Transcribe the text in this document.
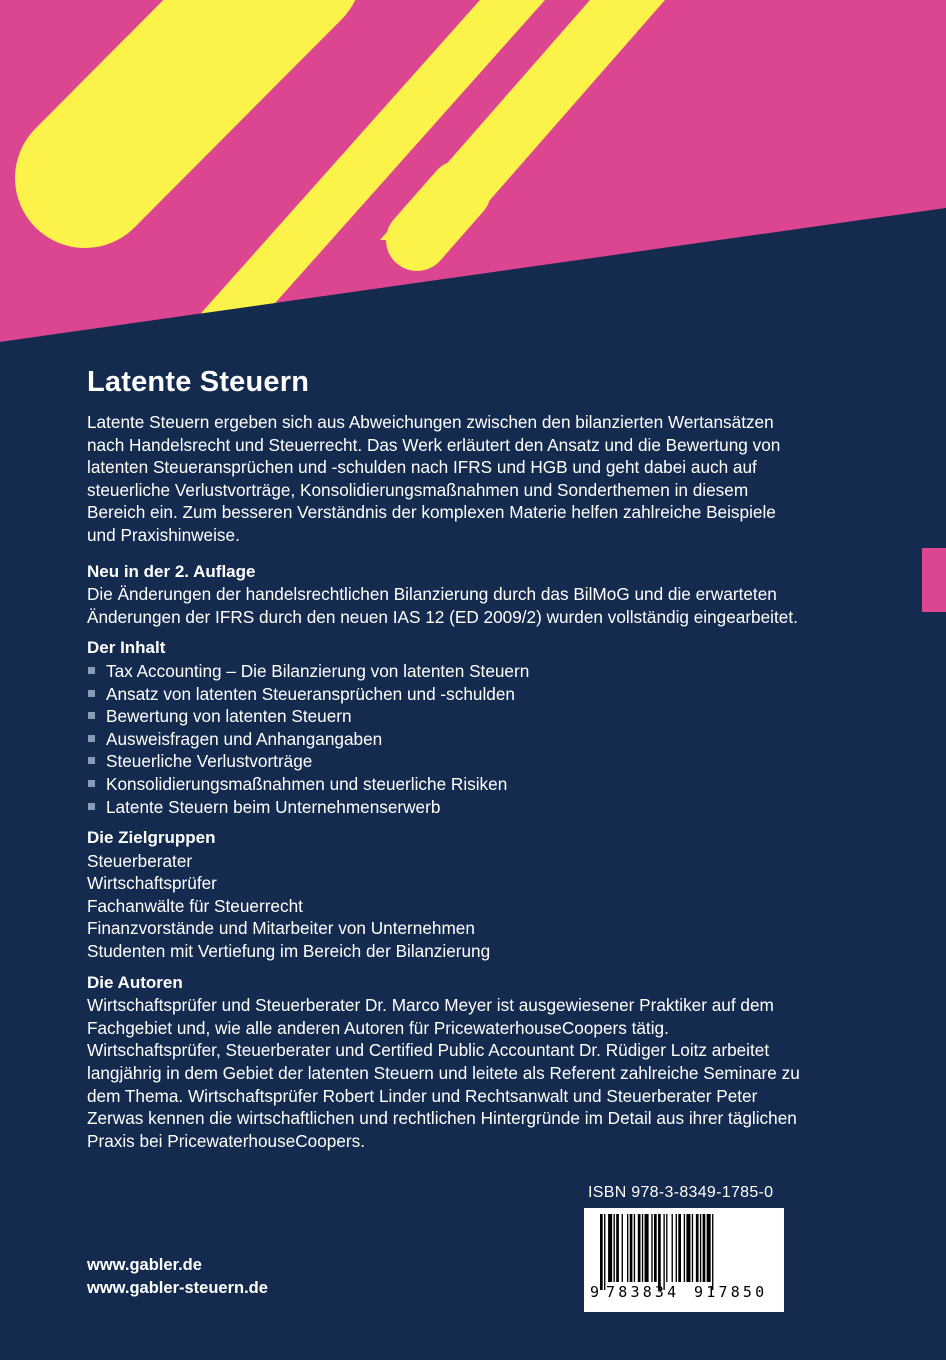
Latente Steuern

Latente Steuern ergeben sich aus Abweichungen zwischen den bilanzierten Wertansätzen nach Handelsrecht und Steuerrecht. Das Werk erläutert den Ansatz und die Bewertung von latenten Steueransprüchen und -schulden nach IFRS und HGB und geht dabei auch auf steuerliche Verlustvorträge, Konsolidierungsmaßnahmen und Sonderthemen in diesem Bereich ein. Zum besseren Verständnis der komplexen Materie helfen zahlreiche Beispiele und Praxishinweise.

Neu in der 2. Auflage

Die Änderungen der handelsrechtlichen Bilanzierung durch das BilMoG und die erwarteten Änderungen der IFRS durch den neuen IAS 12 (ED 2009/2) wurden vollständig eingearbeitet.

Der Inhalt
Tax Accounting – Die Bilanzierung von latenten Steuern
Ansatz von latenten Steueransprüchen und -schulden
Bewertung von latenten Steuern
Ausweisfragen und Anhangangaben
Steuerliche Verlustvorträge
Konsolidierungsmaßnahmen und steuerliche Risiken
Latente Steuern beim Unternehmenserwerb
Die Zielgruppen
Steuerberater
Wirtschaftsprüfer
Fachanwälte für Steuerrecht
Finanzvorstände und Mitarbeiter von Unternehmen
Studenten mit Vertiefung im Bereich der Bilanzierung
Die Autoren

Wirtschaftsprüfer und Steuerberater Dr. Marco Meyer ist ausgewiesener Praktiker auf dem Fachgebiet und, wie alle anderen Autoren für PricewaterhouseCoopers tätig. Wirtschaftsprüfer, Steuerberater und Certified Public Accountant Dr. Rüdiger Loitz arbeitet langjährig in dem Gebiet der latenten Steuern und leitete als Referent zahlreiche Seminare zu dem Thema. Wirtschaftsprüfer Robert Linder und Rechtsanwalt und Steuerberater Peter Zerwas kennen die wirtschaftlichen und rechtlichen Hintergründe im Detail aus ihrer täglichen Praxis bei PricewaterhouseCoopers.

ISBN 978-3-8349-1785-0
9 783834 917850
www.gabler.de
www.gabler-steuern.de
